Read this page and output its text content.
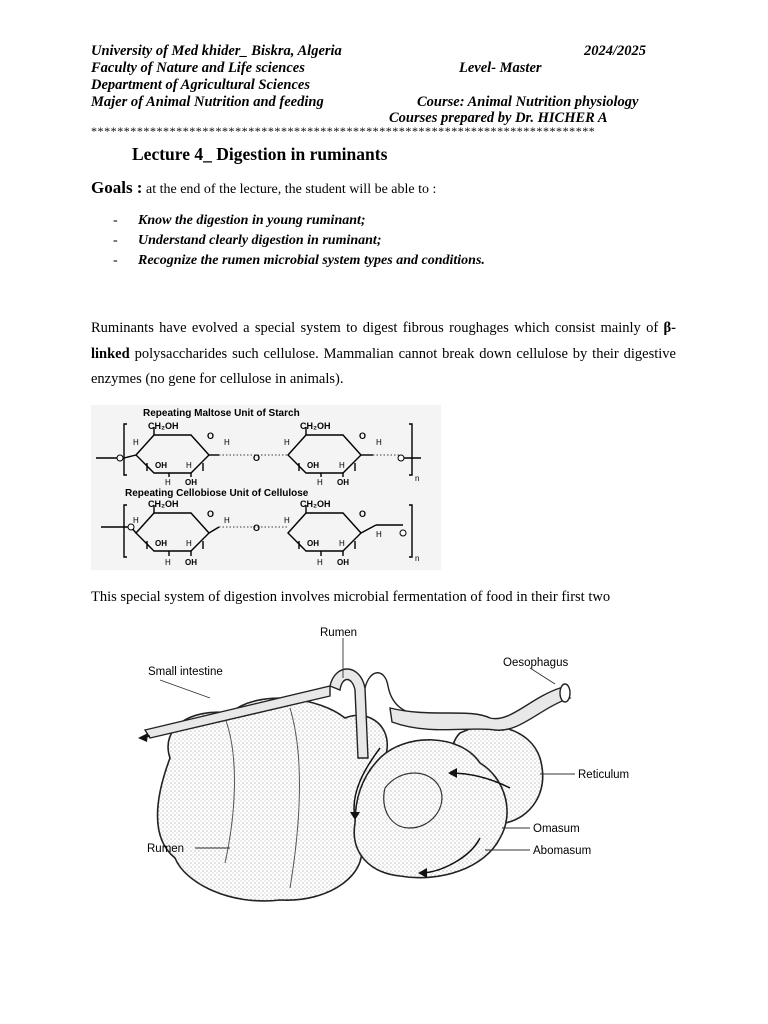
University of Med khider_ Biskra, Algeria	2024/2025
Faculty of Nature and Life sciences	Level- Master
Department of Agricultural Sciences
Majer of Animal Nutrition and feeding	Course: Animal Nutrition physiology
Courses prepared by Dr. HICHER A
*****************************************************************************
Lecture 4_ Digestion in ruminants
Goals : at the end of the lecture, the student will be able to :
- Know the digestion in young ruminant;
- Understand clearly digestion in ruminant;
- Recognize the rumen microbial system types and conditions.
Ruminants have evolved a special system to digest fibrous roughages which consist mainly of β-linked polysaccharides such cellulose. Mammalian cannot break down cellulose by their digestive enzymes (no gene for cellulose in animals).
Repeating Maltose Unit of Starch
Repeating Cellobiose Unit of Cellulose
CH₂OH	CH₂OH
O	O
H	H
H	H
O
OH	OH
H	H
H	H
OH	OH	n
CH₂OH	CH₂OH
O	O
H	H
H
H
O
OH	OH
H	H
H	H
OH	OH	n
This special system of digestion involves microbial fermentation of food in their first two
Rumen
Small intestine
Oesophagus
Reticulum
Omasum
Abomasum
Rumen
